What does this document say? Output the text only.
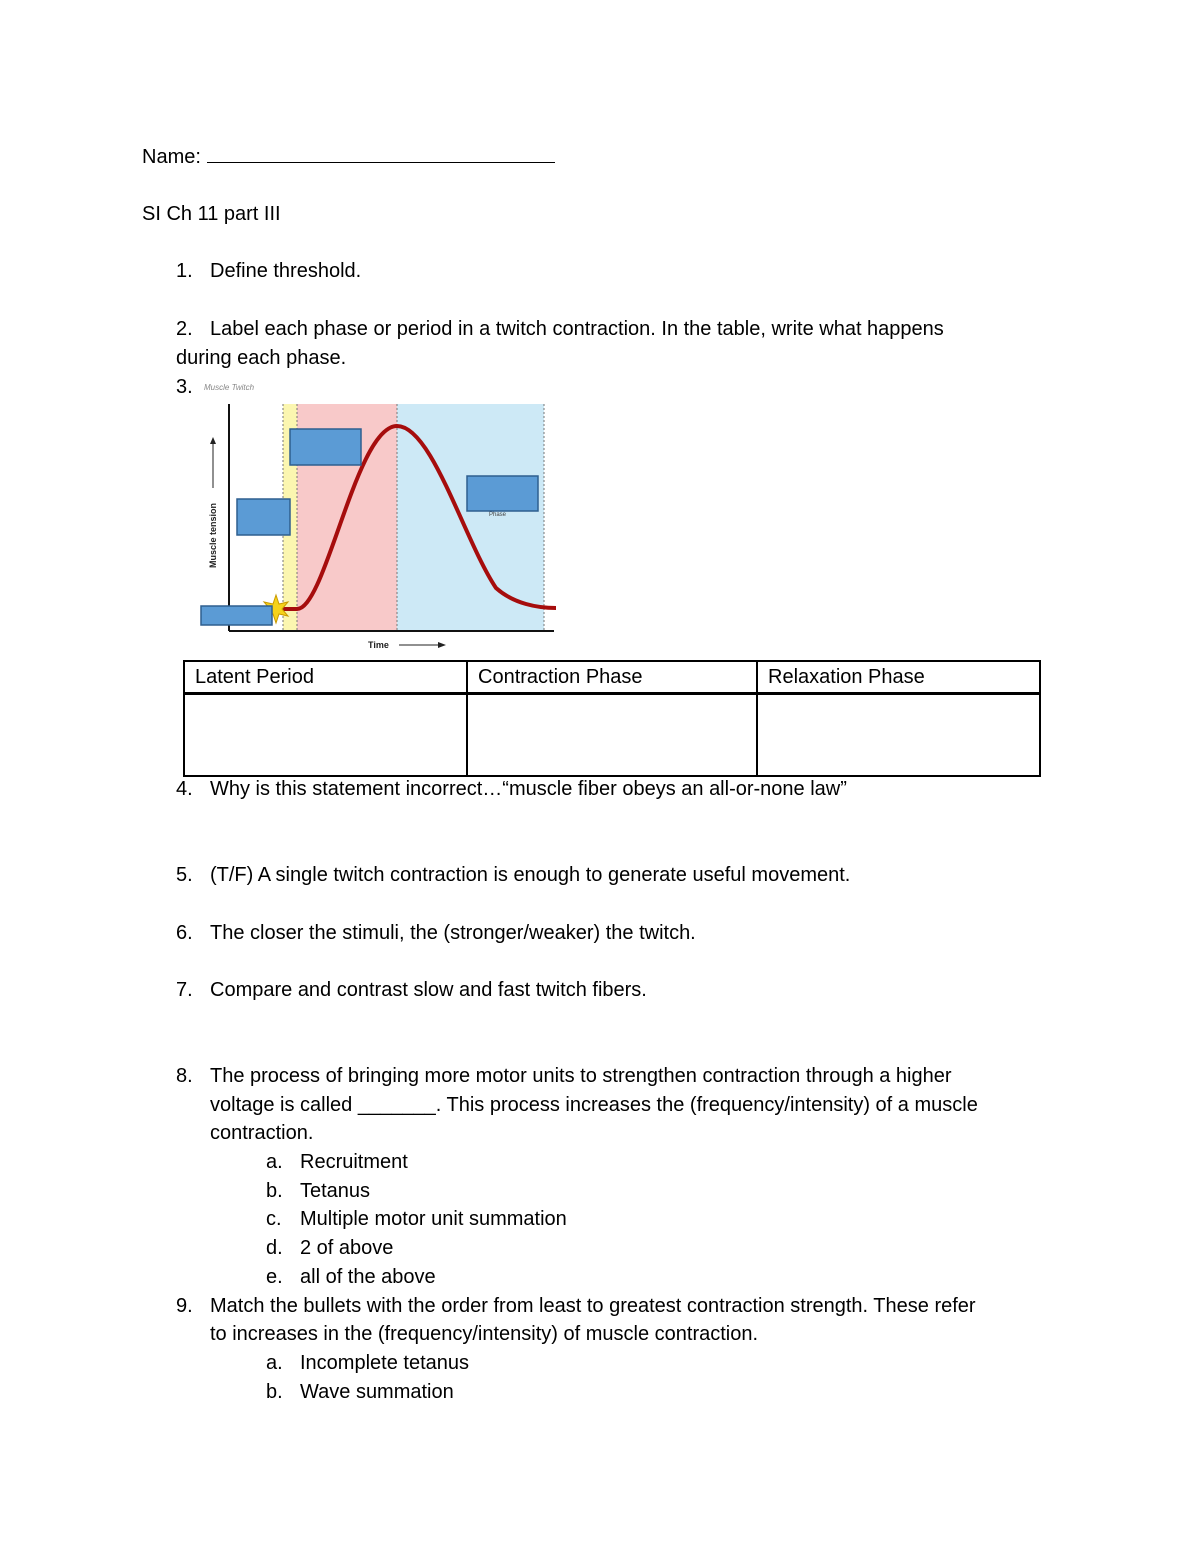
Name:
SI Ch 11 part III
1. Define threshold.
2. Label each phase or period in a twitch contraction. In the table, write what happens
during each phase.
3. Muscle Twitch
Muscle tension
Time
Phase
Latent Period	Contraction Phase	Relaxation Phase

4. Why is this statement incorrect…“muscle fiber obeys an all-or-none law”
5. (T/F) A single twitch contraction is enough to generate useful movement.
6. The closer the stimuli, the (stronger/weaker) the twitch.
7. Compare and contrast slow and fast twitch fibers.
8. The process of bringing more motor units to strengthen contraction through a higher
voltage is called _______. This process increases the (frequency/intensity) of a muscle
contraction.
a. Recruitment
b. Tetanus
c. Multiple motor unit summation
d. 2 of above
e. all of the above
9. Match the bullets with the order from least to greatest contraction strength. These refer
to increases in the (frequency/intensity) of muscle contraction.
a. Incomplete tetanus
b. Wave summation
